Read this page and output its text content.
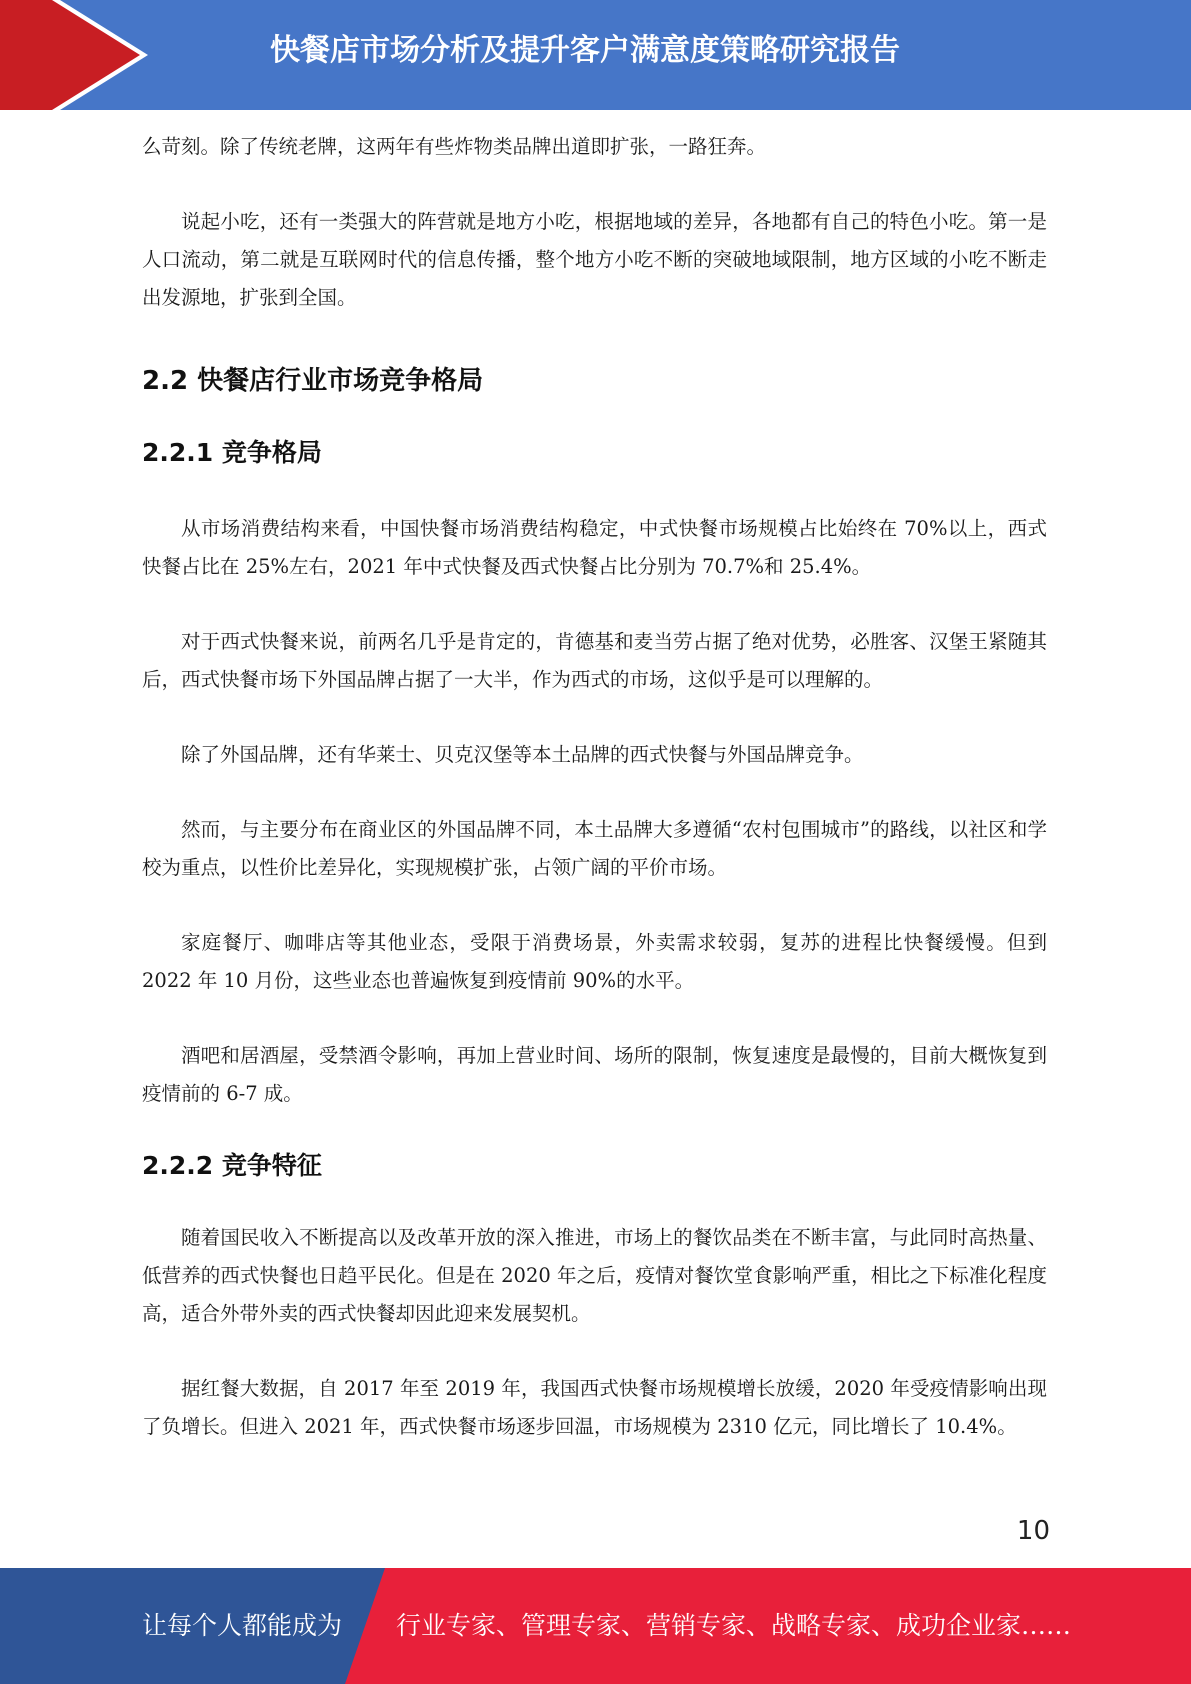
快餐店市场分析及提升客户满意度策略研究报告

么苛刻。除了传统老牌，这两年有些炸物类品牌出道即扩张，一路狂奔。

说起小吃，还有一类强大的阵营就是地方小吃，根据地域的差异，各地都有自己的特色小吃。第一是人口流动，第二就是互联网时代的信息传播，整个地方小吃不断的突破地域限制，地方区域的小吃不断走出发源地，扩张到全国。

2.2 快餐店行业市场竞争格局
2.2.1 竞争格局

从市场消费结构来看，中国快餐市场消费结构稳定，中式快餐市场规模占比始终在 70%以上，西式快餐占比在 25%左右，2021 年中式快餐及西式快餐占比分别为 70.7%和 25.4%。

对于西式快餐来说，前两名几乎是肯定的，肯德基和麦当劳占据了绝对优势，必胜客、汉堡王紧随其后，西式快餐市场下外国品牌占据了一大半，作为西式的市场，这似乎是可以理解的。

除了外国品牌，还有华莱士、贝克汉堡等本土品牌的西式快餐与外国品牌竞争。

然而，与主要分布在商业区的外国品牌不同，本土品牌大多遵循“农村包围城市”的路线，以社区和学校为重点，以性价比差异化，实现规模扩张，占领广阔的平价市场。

家庭餐厅、咖啡店等其他业态，受限于消费场景，外卖需求较弱，复苏的进程比快餐缓慢。但到 2022 年 10 月份，这些业态也普遍恢复到疫情前 90%的水平。

酒吧和居酒屋，受禁酒令影响，再加上营业时间、场所的限制，恢复速度是最慢的，目前大概恢复到疫情前的 6-7 成。

2.2.2 竞争特征

随着国民收入不断提高以及改革开放的深入推进，市场上的餐饮品类在不断丰富，与此同时高热量、低营养的西式快餐也日趋平民化。但是在 2020 年之后，疫情对餐饮堂食影响严重，相比之下标准化程度高，适合外带外卖的西式快餐却因此迎来发展契机。

据红餐大数据，自 2017 年至 2019 年，我国西式快餐市场规模增长放缓，2020 年受疫情影响出现了负增长。但进入 2021 年，西式快餐市场逐步回温，市场规模为 2310 亿元，同比增长了 10.4%。

10
让每个人都能成为 行业专家、管理专家、营销专家、战略专家、成功企业家……
